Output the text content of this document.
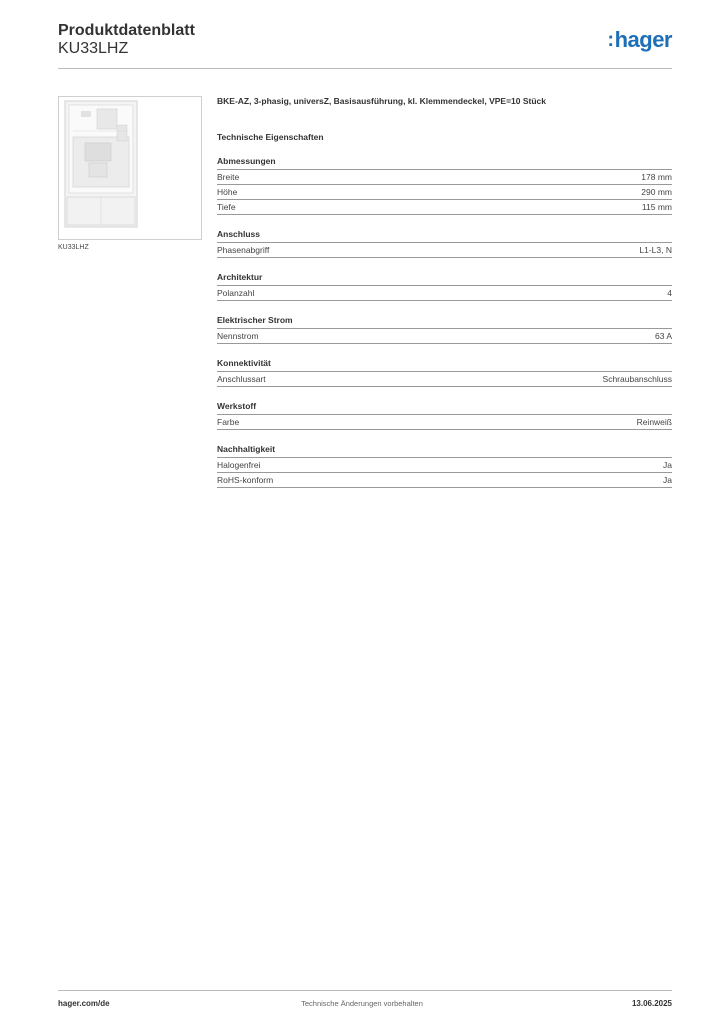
Produktdatenblatt
KU33LHZ	:hager
KU33LHZ

BKE-AZ, 3-phasig, universZ, Basisausführung, kl. Klemmendeckel, VPE=10 Stück

Technische Eigenschaften
Abmessungen
Breite	178 mm
Höhe	290 mm
Tiefe	115 mm
Anschluss
Phasenabgriff	L1-L3, N
Architektur
Polanzahl	4
Elektrischer Strom
Nennstrom	63 A
Konnektivität
Anschlussart	Schraubanschluss
Werkstoff
Farbe	Reinweiß
Nachhaltigkeit
Halogenfrei	Ja
RoHS-konform	Ja
hager.com/de	Technische Änderungen vorbehalten	13.06.2025
